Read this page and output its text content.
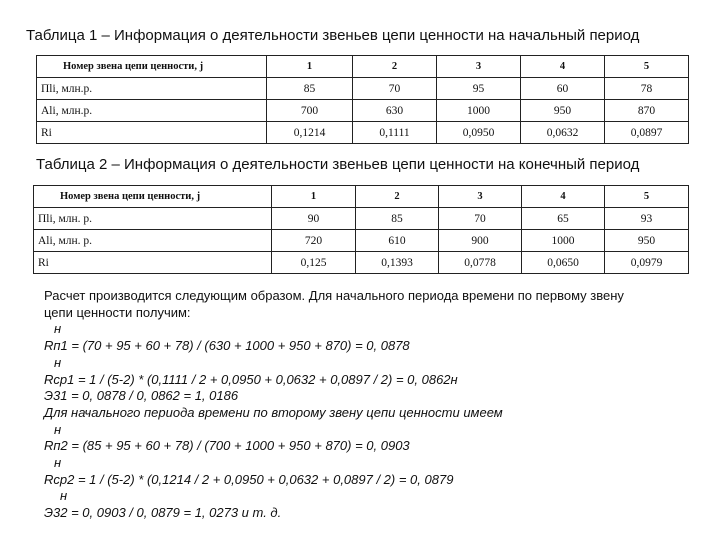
Таблица 1 – Информация о деятельности звеньев цепи ценности на начальный период
Номер звена цепи ценности, j	1	2	3	4	5
Пli, млн.р.	85	70	95	60	78
Аli, млн.р.	700	630	1000	950	870
Ri	0,1214	0,1111	0,0950	0,0632	0,0897
Таблица 2 – Информация о деятельности звеньев цепи ценности на конечный период
Номер звена цепи ценности, j	1	2	3	4	5
Пli, млн. р.	90	85	70	65	93
Аli, млн. р.	720	610	900	1000	950
Ri	0,125	0,1393	0,0778	0,0650	0,0979
Расчет производится следующим образом. Для начального периода времени по первому звену
цепи ценности получим:
н
Rп1 = (70 + 95 + 60 + 78) / (630 + 1000 + 950 + 870) = 0, 0878
н
Rср1 = 1 / (5-2) * (0,1111 / 2 + 0,0950 + 0,0632 + 0,0897 / 2) = 0, 0862н
Э31 = 0, 0878 / 0, 0862 = 1, 0186
Для начального периода времени по второму звену цепи ценности имеем
н
Rп2 = (85 + 95 + 60 + 78) / (700 + 1000 + 950 + 870) = 0, 0903
н
Rср2 = 1 / (5-2) * (0,1214 / 2 + 0,0950 + 0,0632 + 0,0897 / 2) = 0, 0879
н
Э32 = 0, 0903 / 0, 0879 = 1, 0273 и т. д.
